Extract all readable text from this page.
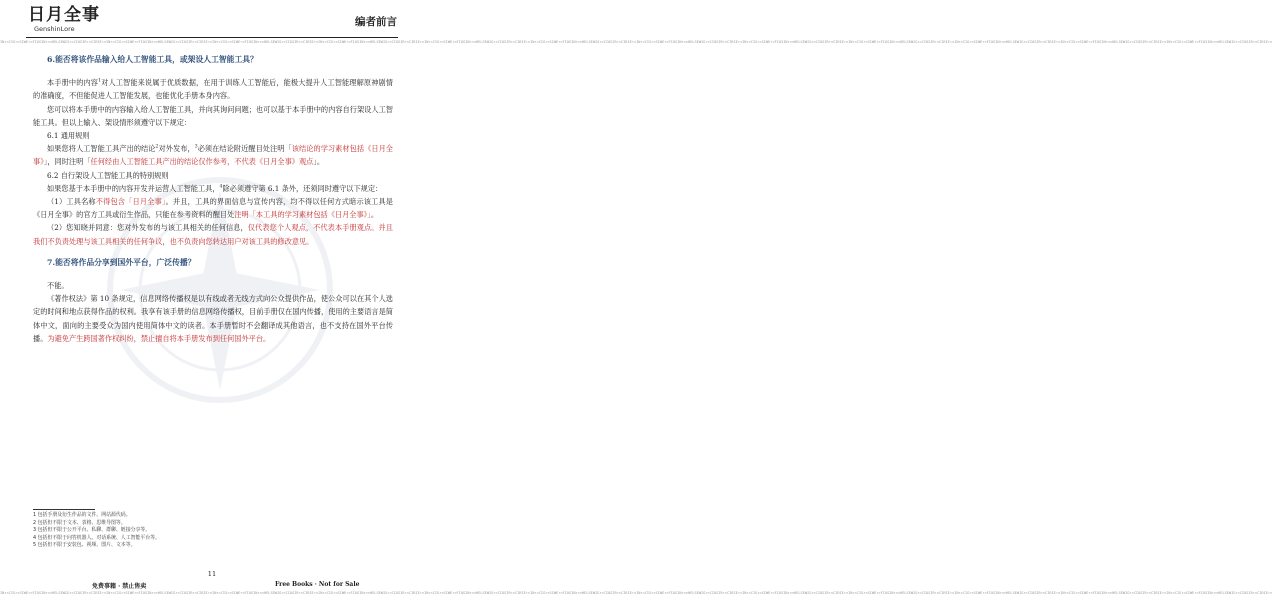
日月全事
GenshinLore
编者前言
IN∙≈CIG∙≈SIWE∙≈FIOSIN∙≈≈HELSEWIG∙≈CIOSIR∙≈CIRIE∙≈IN∙≈CIG∙≈SIWE∙≈FIOSIN∙≈≈HELSEWIG∙≈CIOSIR∙≈CIRIE∙≈IN∙≈CIG∙≈SIWE∙≈FIOSIN∙≈≈HELSEWIG∙≈CIOSIR∙≈CIRIE∙≈IN∙≈CIG∙≈SIWE∙≈FIOSIN∙≈≈HELSEWIG∙≈CIOSIR∙≈CIRIE∙≈IN∙≈CIG∙≈SIWE∙≈FIOSIN∙≈≈HELSEWIG∙≈CIOSIR∙≈CIRIE∙≈IN∙≈CIG∙≈SIWE∙≈FIOSIN∙≈≈HELSEWIG∙≈CIOSIR∙≈CIRIE∙≈IN∙≈CIG∙≈SIWE∙≈FIOSIN∙≈≈HELSEWIG∙≈CIOSIR∙≈CIRIE∙≈IN∙≈CIG∙≈SIWE∙≈FIOSIN∙≈≈HELSEWIG∙≈CIOSIR∙≈CIRIE∙≈IN∙≈CIG∙≈SIWE∙≈FIOSIN∙≈≈HELSEWIG∙≈CIOSIR∙≈CIRIE∙≈IN∙≈CIG∙≈SIWE∙≈FIOSIN∙≈≈HELSEWIG∙≈CIOSIR∙≈CIRIE∙≈IN∙≈CIG∙≈SIWE∙≈FIOSIN∙≈≈HELSEWIG∙≈CIOSIR∙≈CIRIE∙≈IN∙≈CIG∙≈SIWE∙≈FIOSIN∙≈≈HELSEWIG∙≈CIOSIR∙≈CIRIE∙≈

6.能否将该作品输入给人工智能工具，或架设人工智能工具？

本手册中的内容$^1$对人工智能来说属于优质数据，在用于训练人工智能后，能极大提升人工智能理解原神剧情的准确度，不但能促进人工智能发展，也能优化手册本身内容。

您可以将本手册中的内容输入给人工智能工具，并向其询问问题；也可以基于本手册中的内容自行架设人工智能工具。但以上输入、架设情形须遵守以下规定：

6.1 通用规则

如果您将人工智能工具产出的结论$^2$对外发布，$^3$必须在结论附近醒目处注明「该结论的学习素材包括《日月全事》」，同时注明「任何经由人工智能工具产出的结论仅作参考，不代表《日月全事》观点」。

6.2 自行架设人工智能工具的特别规则

如果您基于本手册中的内容开发并运营人工智能工具，$^4$除必须遵守第 6.1 条外，还须同时遵守以下规定：

（1）工具名称不得包含「日月全事」。并且，工具的界面信息与宣传内容，均不得以任何方式暗示该工具是《日月全事》的官方工具或衍生作品，只能在参考资料的醒目处注明「本工具的学习素材包括《日月全事》」。

（2）您知晓并同意：您对外发布的与该工具相关的任何信息，仅代表您个人观点，不代表本手册观点。并且我们不负责处理与该工具相关的任何争议，也不负责向您转达用户对该工具的修改意见。

7.能否将作品分享到国外平台，广泛传播？

不能。

《著作权法》第 10 条规定，信息网络传播权是以有线或者无线方式向公众提供作品，使公众可以在其个人选定的时间和地点获得作品的权利。我享有该手册的信息网络传播权，目前手册仅在国内传播，使用的主要语言是简体中文，面向的主要受众为国内使用简体中文的读者。本手册暂时不会翻译成其他语言，也不支持在国外平台传播。为避免产生跨国著作权纠纷，禁止擅自将本手册发布到任何国外平台。

1 包括手册及衍生作品的文件、网站源代码。
2 包括但不限于文本、表格、思维导图等。
3 包括但不限于公开平台、私聊、群聊、链接分享等。
4 包括但不限于问答机器人、对话系统、人工智能平台等。
5 包括但不限于安装包、视频、图片、文本等。
11
免费事籍 · 禁止售卖	Free Books · Not for Sale
IN∙≈CIG∙≈SIWE∙≈FIOSIN∙≈≈HELSEWIG∙≈CIOSIR∙≈CIRIE∙≈IN∙≈CIG∙≈SIWE∙≈FIOSIN∙≈≈HELSEWIG∙≈CIOSIR∙≈CIRIE∙≈IN∙≈CIG∙≈SIWE∙≈FIOSIN∙≈≈HELSEWIG∙≈CIOSIR∙≈CIRIE∙≈IN∙≈CIG∙≈SIWE∙≈FIOSIN∙≈≈HELSEWIG∙≈CIOSIR∙≈CIRIE∙≈IN∙≈CIG∙≈SIWE∙≈FIOSIN∙≈≈HELSEWIG∙≈CIOSIR∙≈CIRIE∙≈IN∙≈CIG∙≈SIWE∙≈FIOSIN∙≈≈HELSEWIG∙≈CIOSIR∙≈CIRIE∙≈IN∙≈CIG∙≈SIWE∙≈FIOSIN∙≈≈HELSEWIG∙≈CIOSIR∙≈CIRIE∙≈IN∙≈CIG∙≈SIWE∙≈FIOSIN∙≈≈HELSEWIG∙≈CIOSIR∙≈CIRIE∙≈IN∙≈CIG∙≈SIWE∙≈FIOSIN∙≈≈HELSEWIG∙≈CIOSIR∙≈CIRIE∙≈IN∙≈CIG∙≈SIWE∙≈FIOSIN∙≈≈HELSEWIG∙≈CIOSIR∙≈CIRIE∙≈IN∙≈CIG∙≈SIWE∙≈FIOSIN∙≈≈HELSEWIG∙≈CIOSIR∙≈CIRIE∙≈IN∙≈CIG∙≈SIWE∙≈FIOSIN∙≈≈HELSEWIG∙≈CIOSIR∙≈CIRIE∙≈
